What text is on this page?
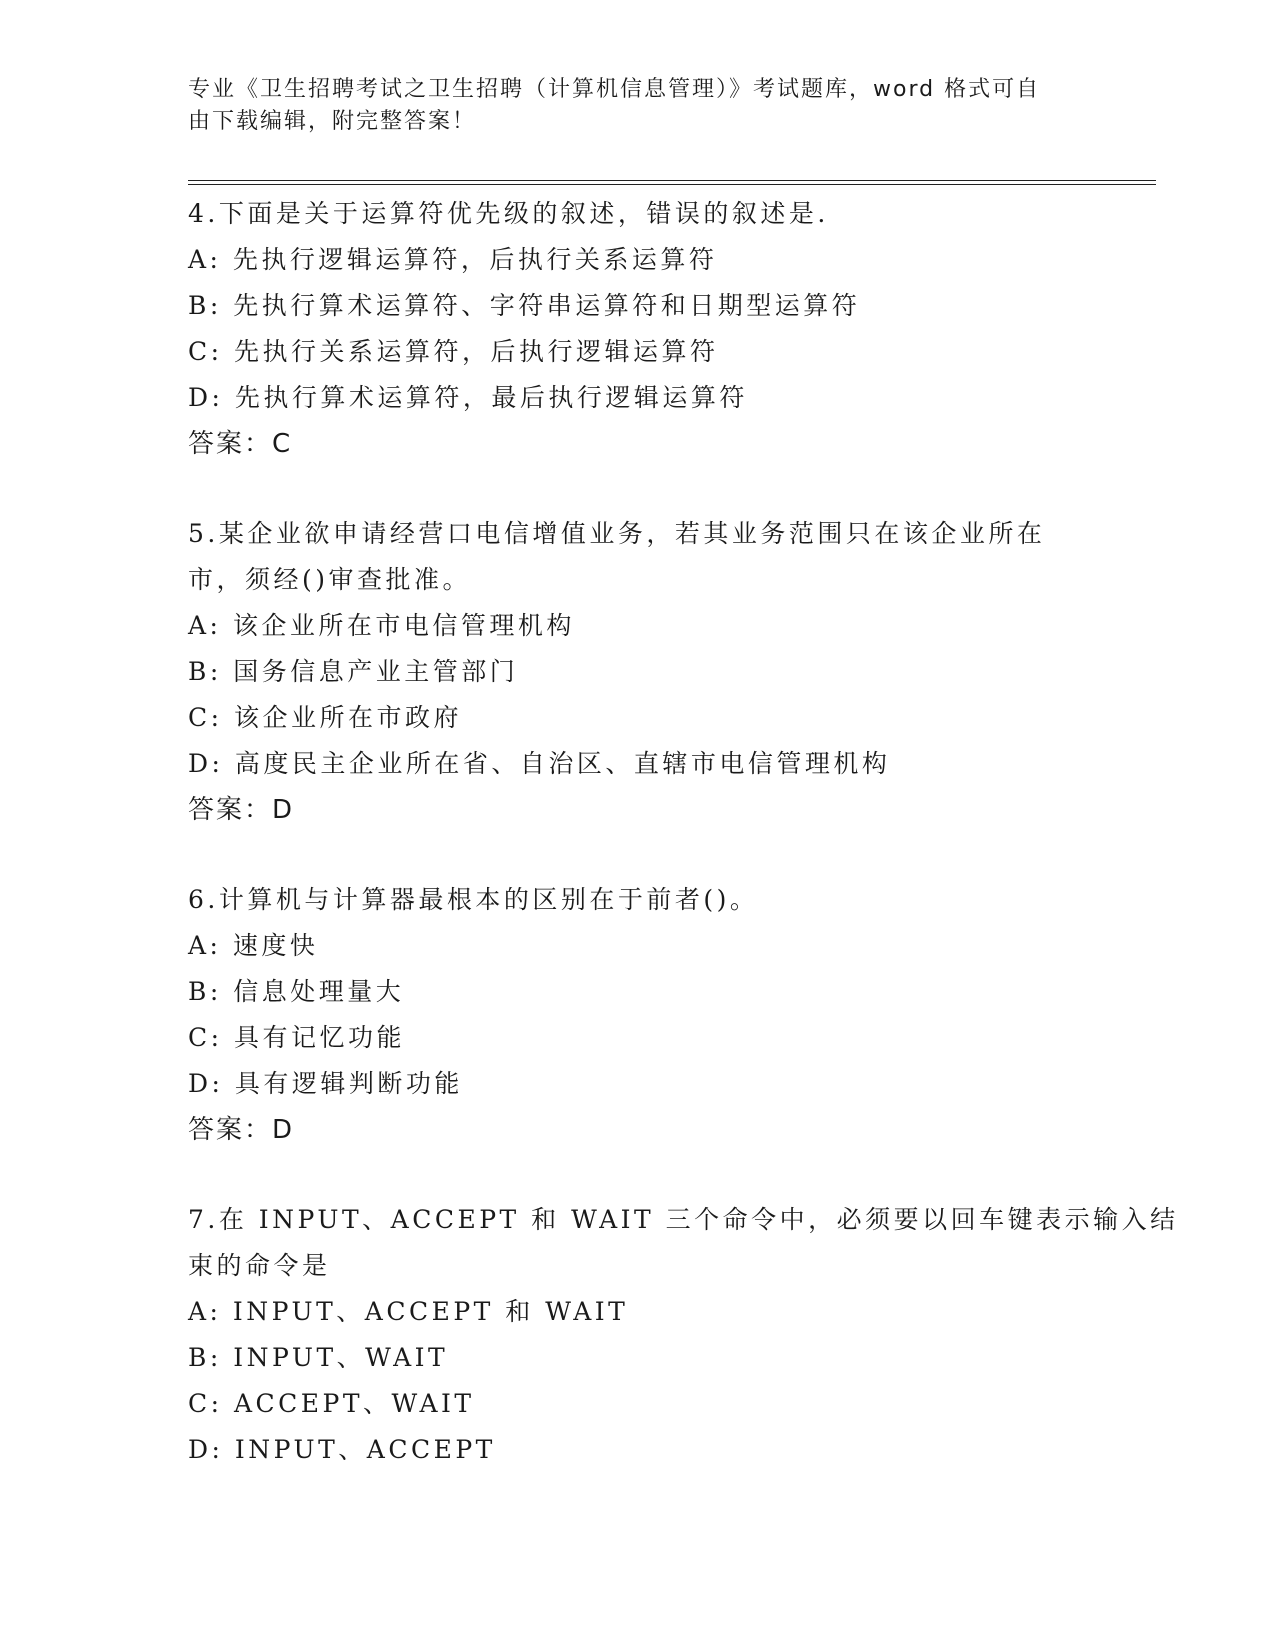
专业《卫生招聘考试之卫生招聘（计算机信息管理）》考试题库，word 格式可自
由下载编辑，附完整答案！
4.下面是关于运算符优先级的叙述，错误的叙述是.
A: 先执行逻辑运算符，后执行关系运算符
B: 先执行算术运算符、字符串运算符和日期型运算符
C: 先执行关系运算符，后执行逻辑运算符
D: 先执行算术运算符，最后执行逻辑运算符
答案：C
5.某企业欲申请经营口电信增值业务，若其业务范围只在该企业所在
市，须经()审查批准。
A: 该企业所在市电信管理机构
B: 国务信息产业主管部门
C: 该企业所在市政府
D: 高度民主企业所在省、自治区、直辖市电信管理机构
答案：D
6.计算机与计算器最根本的区别在于前者()。
A: 速度快
B: 信息处理量大
C: 具有记忆功能
D: 具有逻辑判断功能
答案：D
7.在 INPUT、ACCEPT 和 WAIT 三个命令中，必须要以回车键表示输入结
束的命令是
A: INPUT、ACCEPT 和 WAIT
B: INPUT、WAIT
C: ACCEPT、WAIT
D: INPUT、ACCEPT
